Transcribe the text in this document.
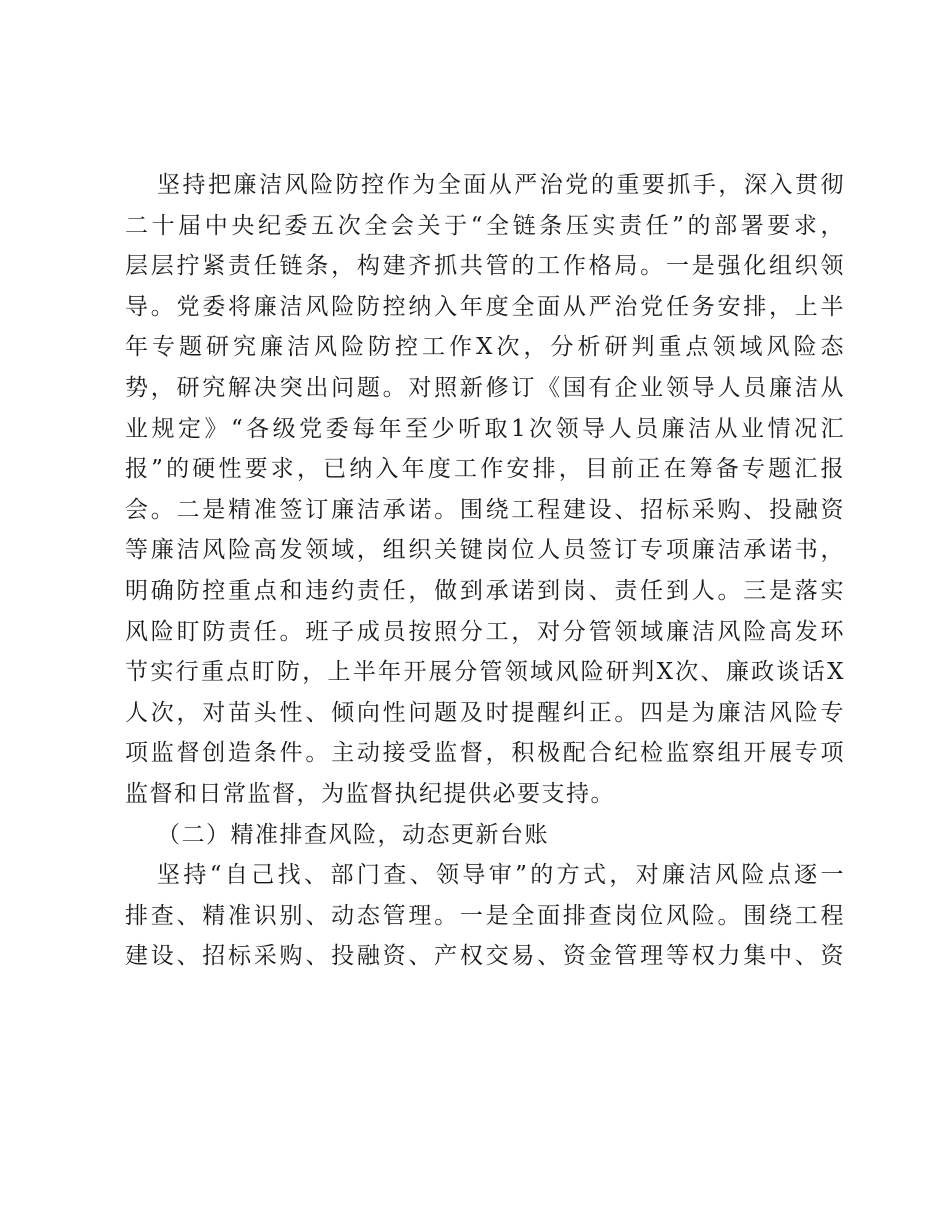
坚持把廉洁风险防控作为全面从严治党的重要抓手，深入贯彻
二十届中央纪委五次全会关于“全链条压实责任”的部署要求，
层层拧紧责任链条，构建齐抓共管的工作格局。一是强化组织领
导。党委将廉洁风险防控纳入年度全面从严治党任务安排，上半
年专题研究廉洁风险防控工作X次，分析研判重点领域风险态
势，研究解决突出问题。对照新修订《国有企业领导人员廉洁从
业规定》“各级党委每年至少听取1次领导人员廉洁从业情况汇
报”的硬性要求，已纳入年度工作安排，目前正在筹备专题汇报
会。二是精准签订廉洁承诺。围绕工程建设、招标采购、投融资
等廉洁风险高发领域，组织关键岗位人员签订专项廉洁承诺书，
明确防控重点和违约责任，做到承诺到岗、责任到人。三是落实
风险盯防责任。班子成员按照分工，对分管领域廉洁风险高发环
节实行重点盯防，上半年开展分管领域风险研判X次、廉政谈话X
人次，对苗头性、倾向性问题及时提醒纠正。四是为廉洁风险专
项监督创造条件。主动接受监督，积极配合纪检监察组开展专项
监督和日常监督，为监督执纪提供必要支持。
（二）精准排查风险，动态更新台账
坚持“自己找、部门查、领导审”的方式，对廉洁风险点逐一
排查、精准识别、动态管理。一是全面排查岗位风险。围绕工程
建设、招标采购、投融资、产权交易、资金管理等权力集中、资
